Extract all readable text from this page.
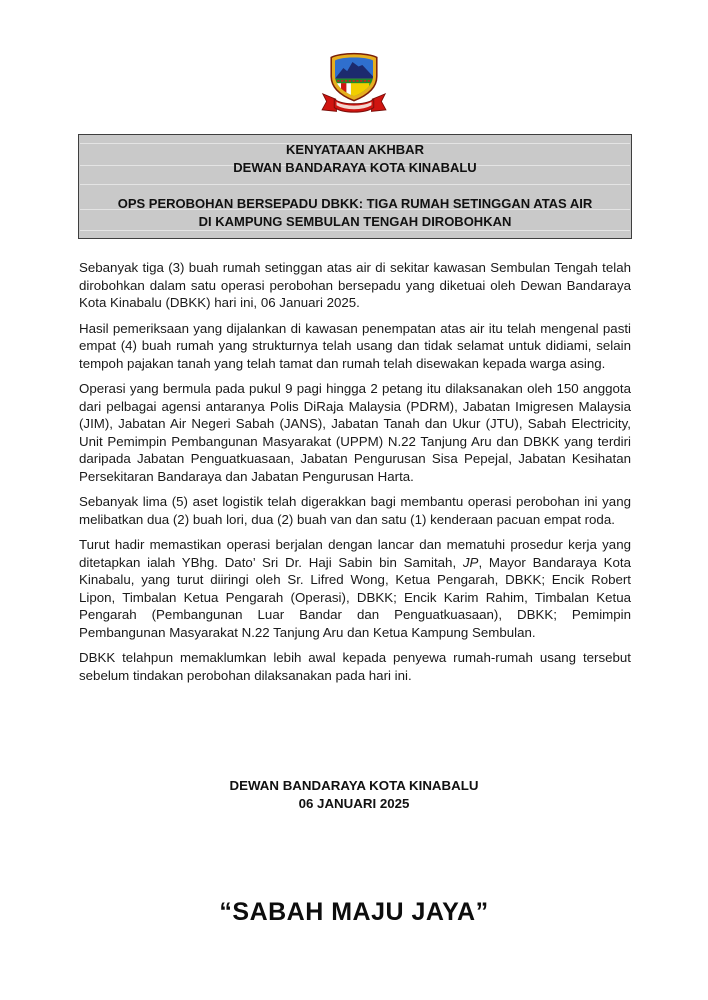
KENYATAAN AKHBAR
DEWAN BANDARAYA KOTA KINABALU
OPS PEROBOHAN BERSEPADU DBKK: TIGA RUMAH SETINGGAN ATAS AIR DI KAMPUNG SEMBULAN TENGAH DIROBOHKAN

Sebanyak tiga (3) buah rumah setinggan atas air di sekitar kawasan Sembulan Tengah telah dirobohkan dalam satu operasi perobohan bersepadu yang diketuai oleh Dewan Bandaraya Kota Kinabalu (DBKK) hari ini, 06 Januari 2025.

Hasil pemeriksaan yang dijalankan di kawasan penempatan atas air itu telah mengenal pasti empat (4) buah rumah yang strukturnya telah usang dan tidak selamat untuk didiami, selain tempoh pajakan tanah yang telah tamat dan rumah telah disewakan kepada warga asing.

Operasi yang bermula pada pukul 9 pagi hingga 2 petang itu dilaksanakan oleh 150 anggota dari pelbagai agensi antaranya Polis DiRaja Malaysia (PDRM), Jabatan Imigresen Malaysia (JIM), Jabatan Air Negeri Sabah (JANS), Jabatan Tanah dan Ukur (JTU), Sabah Electricity, Unit Pemimpin Pembangunan Masyarakat (UPPM) N.22 Tanjung Aru dan DBKK yang terdiri daripada Jabatan Penguatkuasaan, Jabatan Pengurusan Sisa Pepejal, Jabatan Kesihatan Persekitaran Bandaraya dan Jabatan Pengurusan Harta.

Sebanyak lima (5) aset logistik telah digerakkan bagi membantu operasi perobohan ini yang melibatkan dua (2) buah lori, dua (2) buah van dan satu (1) kenderaan pacuan empat roda.

Turut hadir memastikan operasi berjalan dengan lancar dan mematuhi prosedur kerja yang ditetapkan ialah YBhg. Dato’ Sri Dr. Haji Sabin bin Samitah, JP, Mayor Bandaraya Kota Kinabalu, yang turut diiringi oleh Sr. Lifred Wong, Ketua Pengarah, DBKK; Encik Robert Lipon, Timbalan Ketua Pengarah (Operasi), DBKK; Encik Karim Rahim, Timbalan Ketua Pengarah (Pembangunan Luar Bandar dan Penguatkuasaan), DBKK; Pemimpin Pembangunan Masyarakat N.22 Tanjung Aru dan Ketua Kampung Sembulan.

DBKK telahpun memaklumkan lebih awal kepada penyewa rumah-rumah usang tersebut sebelum tindakan perobohan dilaksanakan pada hari ini.

DEWAN BANDARAYA KOTA KINABALU
06 JANUARI 2025
“SABAH MAJU JAYA”
